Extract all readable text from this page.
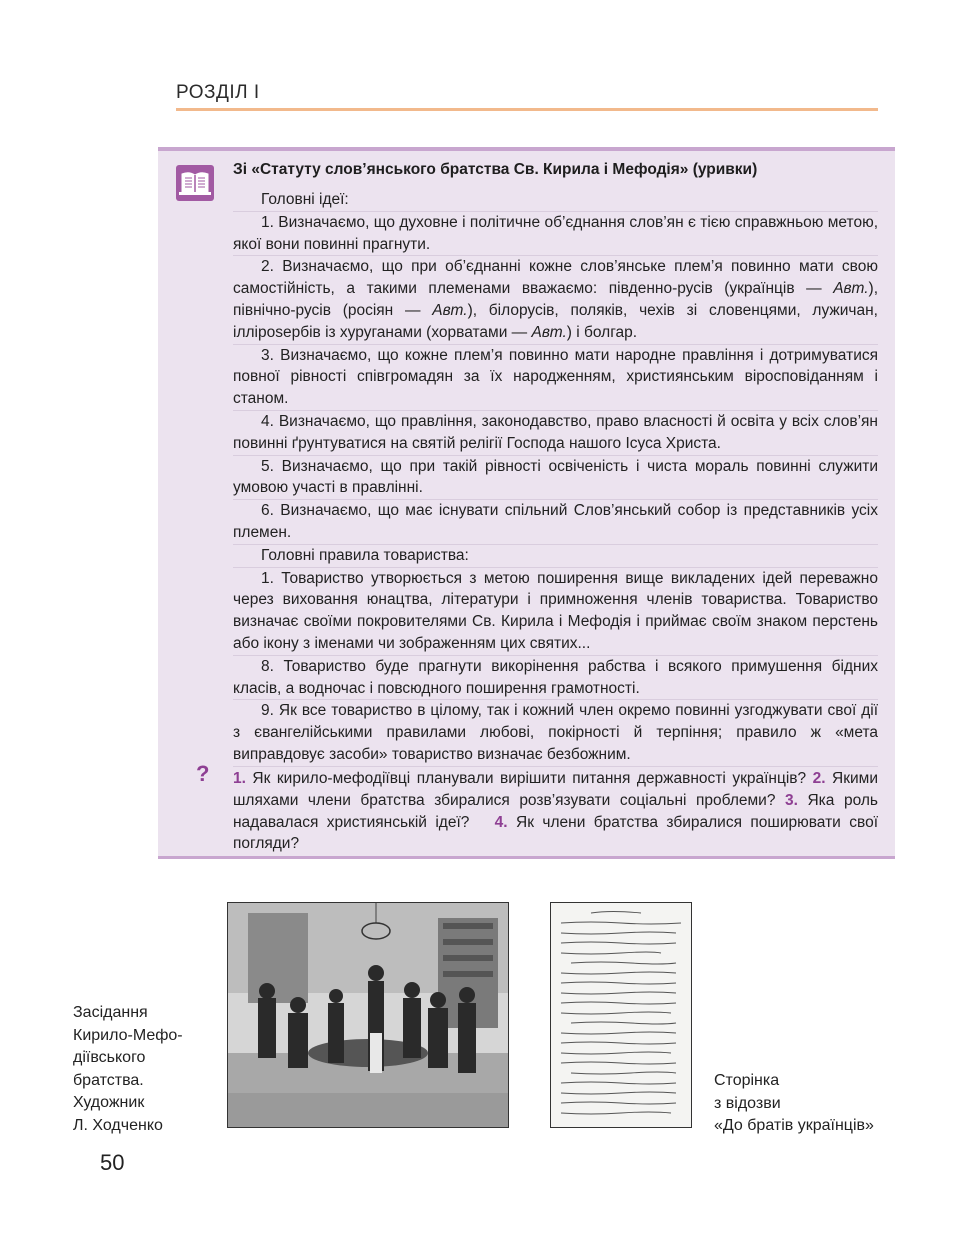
РОЗДІЛ I
Зі «Статуту слов’янського братства Св. Кирила і Мефодія» (уривки)

Головні ідеї:

1. Визначаємо, що духовне і політичне об’єднання слов’ян є тією справжньою метою, якої вони повинні прагнути.

2. Визначаємо, що при об’єднанні кожне слов’янське плем’я повинно мати свою самостійність, а такими племенами вважаємо: південно-русів (українців — Авт.), північно-русів (росіян — Авт.), білорусів, поляків, чехів зі словенцями, лужичан, іллірosербів із хуруганами (хорватами — Авт.) і болгар.

3. Визначаємо, що кожне плем’я повинно мати народне правління і дотримуватися повної рівності співгромадян за їх народженням, християнським віросповіданням і станом.

4. Визначаємо, що правління, законодавство, право власності й освіта у всіх слов’ян повинні ґрунтуватися на святій релігії Господа нашого Ісуса Христа.

5. Визначаємо, що при такій рівності освіченість і чиста мораль повинні служити умовою участі в правлінні.

6. Визначаємо, що має існувати спільний Слов’янський собор із представників усіх племен.

Головні правила товариства:

1. Товариство утворюється з метою поширення вище викладених ідей переважно через виховання юнацтва, літератури і примноження членів товариства. Товариство визначає своїми покровителями Св. Кирила і Мефодія і приймає своїм знаком перстень або ікону з іменами чи зображенням цих святих...

8. Товариство буде прагнути викорінення рабства і всякого примушення бідних класів, а водночас і повсюдного поширення грамотності.

9. Як все товариство в цілому, так і кожний член окремо повинні узгоджувати свої дії з євангелійськими правилами любові, покірності й терпіння; правило ж «мета виправдовує засоби» товариство визначає безбожним.

? 1. Як кирило-мефодіївці планували вирішити питання державності українців? 2. Якими шляхами члени братства збиралися розв’язувати соціальні проблеми? 3. Яка роль надавалася християнській ідеї? 4. Як члени братства збиралися поширювати свої погляди?
Засідання
Кирило-Мефо-
діївського
братства.
Художник
Л. Ходченко
Сторінка
з відозви
«До братів українців»
50
